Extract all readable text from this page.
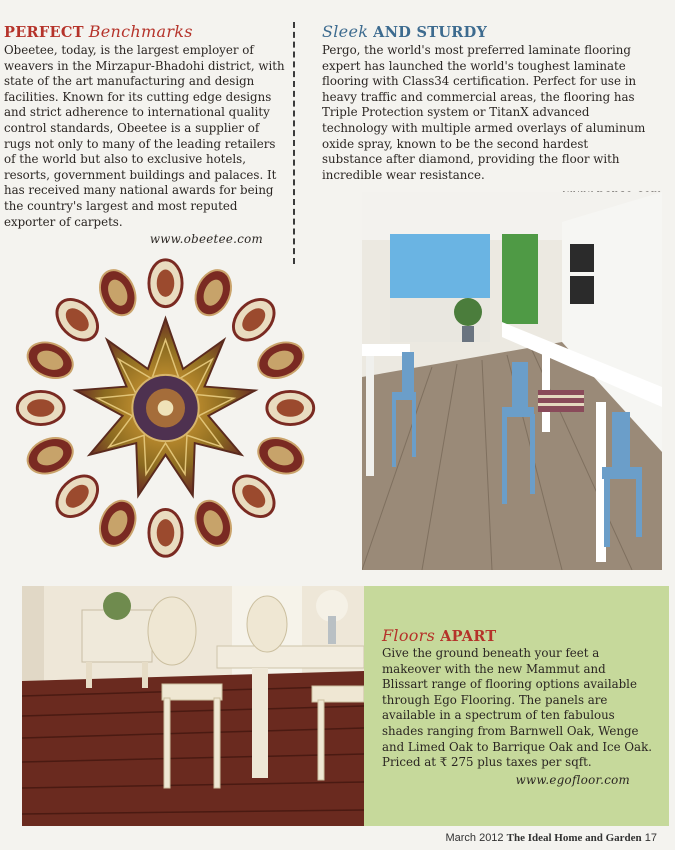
PERFECT Benchmarks

Obeetee, today, is the largest employer of weavers in the Mirzapur-Bhadohi district, with state of the art manufacturing and design facilities. Known for its cutting edge designs and strict adherence to international quality control standards, Obeetee is a supplier of rugs not only to many of the leading retailers of the world but also to exclusive hotels, resorts, government buildings and palaces. It has received many national awards for being the country's largest and most reputed exporter of carpets.

www.obeetee.com
Sleek AND STURDY

Pergo, the world's most preferred laminate flooring expert has launched the world's toughest laminate flooring with Class34 certification. Perfect for use in heavy traffic and commercial areas, the flooring has Triple Protection system or TitanX advanced technology with multiple armed overlays of aluminum oxide spray, known to be the second hardest substance after diamond, providing the floor with incredible wear resistance.

Floors APART

Give the ground beneath your feet a makeover with the new Mammut and Blissart range of flooring options available through Ego Flooring. The panels are available in a spectrum of ten fabulous shades ranging from Barnwell Oak, Wenge and Limed Oak to Barrique Oak and Ice Oak. Priced at ₹ 275 plus taxes per sqft.

www.egofloor.com
March 2012 The Ideal Home and Garden 17
